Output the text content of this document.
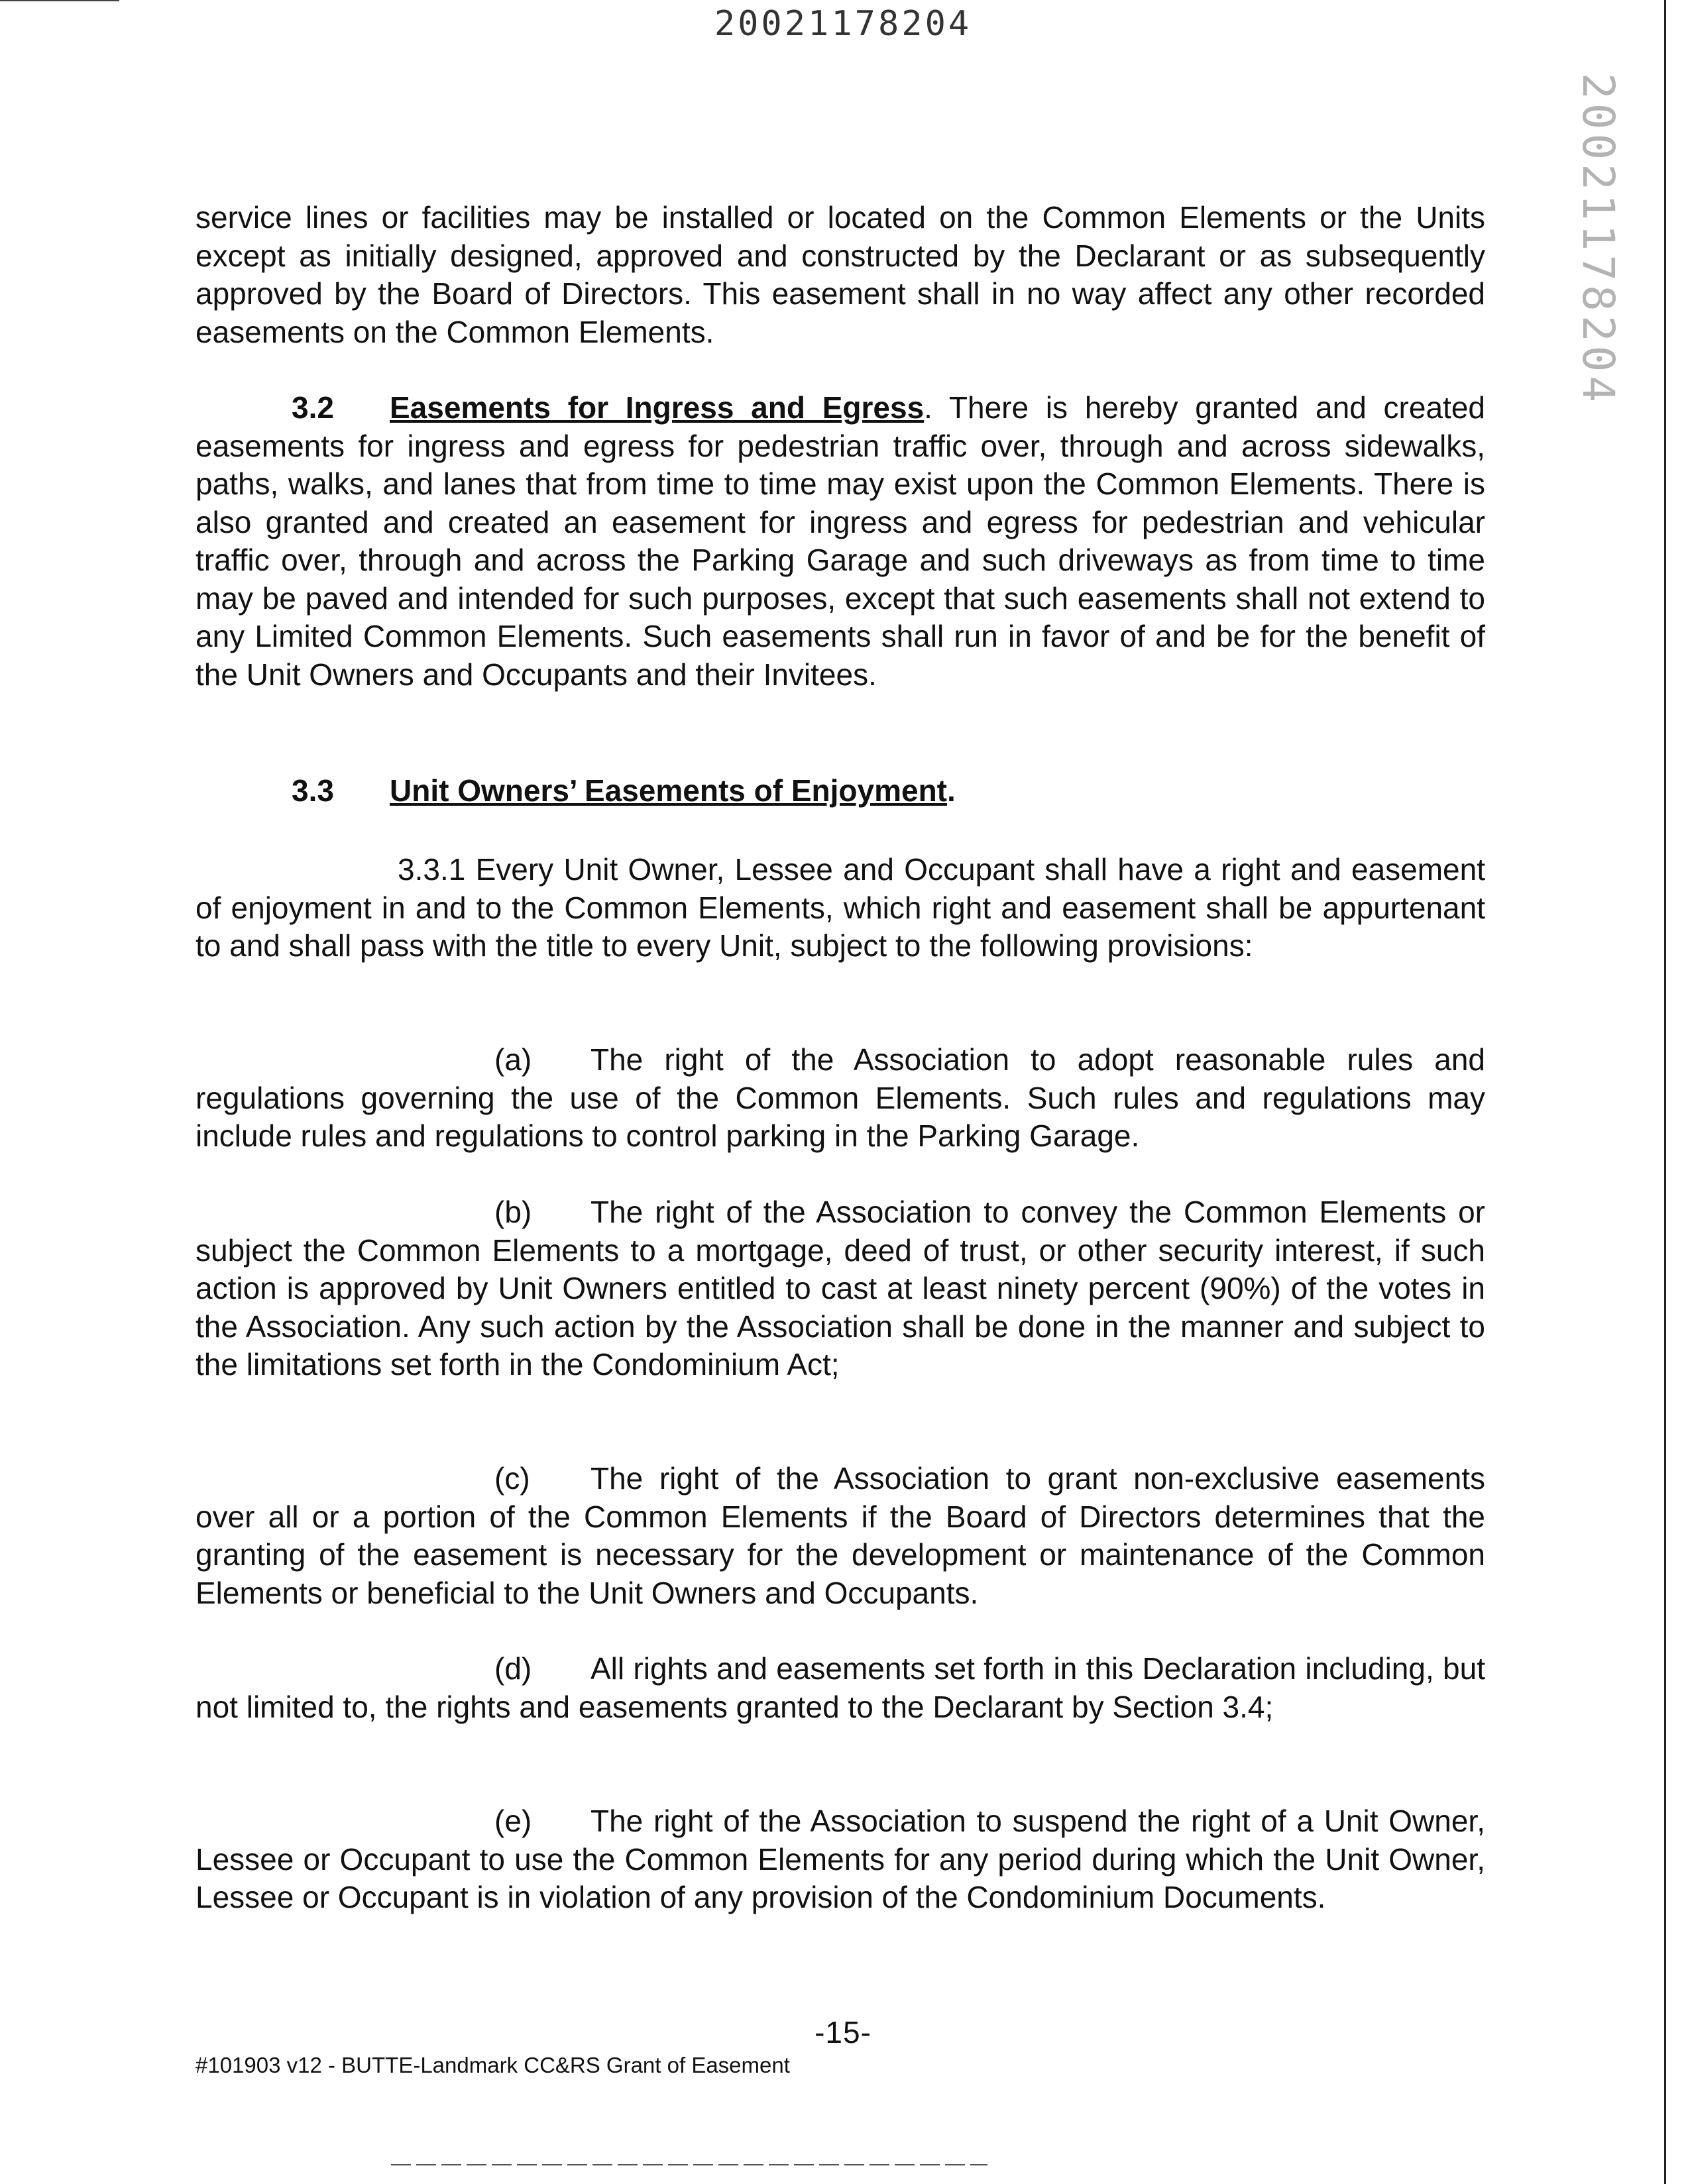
20021178204
20021178204

service lines or facilities may be installed or located on the Common Elements or the Units except as initially designed, approved and constructed by the Declarant or as subsequently approved by the Board of Directors. This easement shall in no way affect any other recorded easements on the Common Elements.

3.2 Easements for Ingress and Egress. There is hereby granted and created easements for ingress and egress for pedestrian traffic over, through and across sidewalks, paths, walks, and lanes that from time to time may exist upon the Common Elements. There is also granted and created an easement for ingress and egress for pedestrian and vehicular traffic over, through and across the Parking Garage and such driveways as from time to time may be paved and intended for such purposes, except that such easements shall not extend to any Limited Common Elements. Such easements shall run in favor of and be for the benefit of the Unit Owners and Occupants and their Invitees.

3.3 Unit Owners’ Easements of Enjoyment.

3.3.1 Every Unit Owner, Lessee and Occupant shall have a right and easement of enjoyment in and to the Common Elements, which right and easement shall be appurtenant to and shall pass with the title to every Unit, subject to the following provisions:

(a) The right of the Association to adopt reasonable rules and regulations governing the use of the Common Elements. Such rules and regulations may include rules and regulations to control parking in the Parking Garage.

(b) The right of the Association to convey the Common Elements or subject the Common Elements to a mortgage, deed of trust, or other security interest, if such action is approved by Unit Owners entitled to cast at least ninety percent (90%) of the votes in the Association. Any such action by the Association shall be done in the manner and subject to the limitations set forth in the Condominium Act;

(c) The right of the Association to grant non-exclusive easements over all or a portion of the Common Elements if the Board of Directors determines that the granting of the easement is necessary for the development or maintenance of the Common Elements or beneficial to the Unit Owners and Occupants.

(d) All rights and easements set forth in this Declaration including, but not limited to, the rights and easements granted to the Declarant by Section 3.4;

(e) The right of the Association to suspend the right of a Unit Owner, Lessee or Occupant to use the Common Elements for any period during which the Unit Owner, Lessee or Occupant is in violation of any provision of the Condominium Documents.

-15-
#101903 v12 - BUTTE-Landmark CC&RS Grant of Easement
